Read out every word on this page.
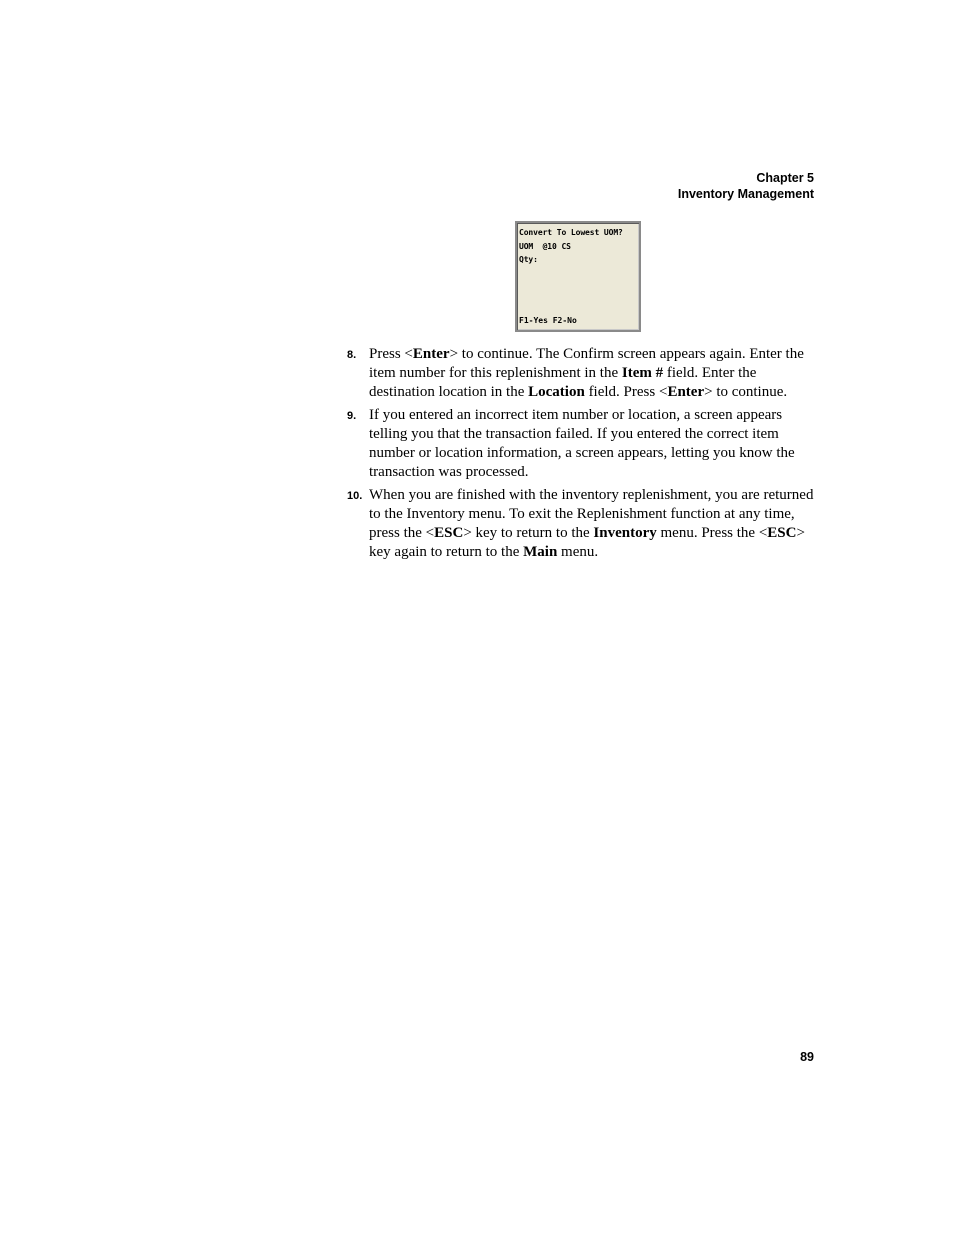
Chapter 5
Inventory Management
Convert To Lowest UOM?
UOM  @10 CS
Qty:
F1-Yes F2-No
8. Press <Enter> to continue. The Confirm screen appears again. Enter the item number for this replenishment in the Item # field. Enter the destination location in the Location field. Press <Enter> to continue.
9. If you entered an incorrect item number or location, a screen appears telling you that the transaction failed. If you entered the correct item number or location information, a screen appears, letting you know the transaction was processed.
10. When you are finished with the inventory replenishment, you are returned to the Inventory menu. To exit the Replenishment function at any time, press the <ESC> key to return to the Inventory menu. Press the <ESC> key again to return to the Main menu.
89
